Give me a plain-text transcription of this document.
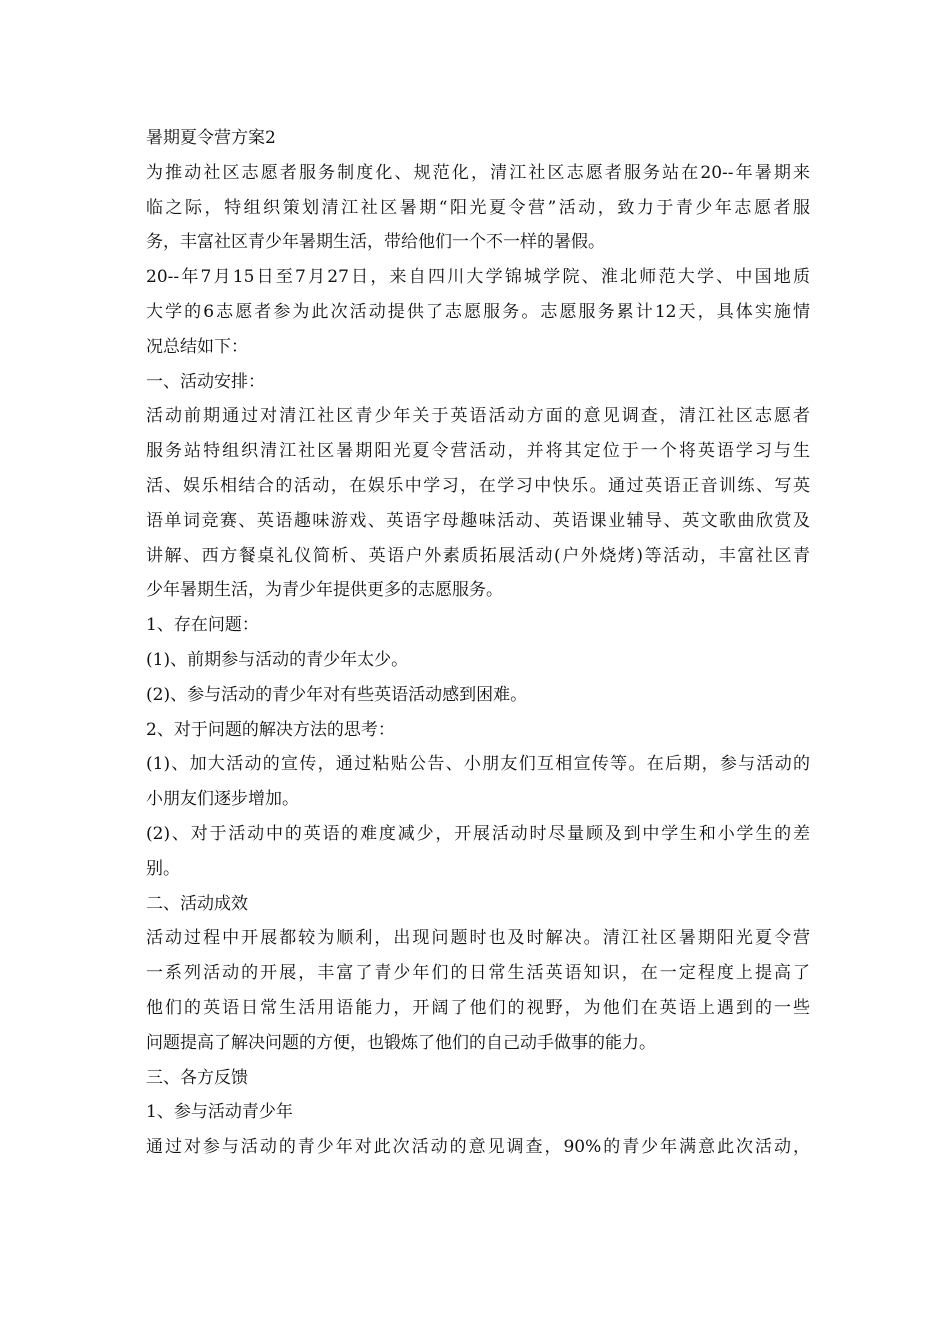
暑期夏令营方案2
为推动社区志愿者服务制度化、规范化，清江社区志愿者服务站在20--年暑期来
临之际，特组织策划清江社区暑期“阳光夏令营”活动，致力于青少年志愿者服
务，丰富社区青少年暑期生活，带给他们一个不一样的暑假。
20--年7月15日至7月27日，来自四川大学锦城学院、淮北师范大学、中国地质
大学的6志愿者参为此次活动提供了志愿服务。志愿服务累计12天，具体实施情
况总结如下：
一、活动安排：
活动前期通过对清江社区青少年关于英语活动方面的意见调查，清江社区志愿者
服务站特组织清江社区暑期阳光夏令营活动，并将其定位于一个将英语学习与生
活、娱乐相结合的活动，在娱乐中学习，在学习中快乐。通过英语正音训练、写英
语单词竞赛、英语趣味游戏、英语字母趣味活动、英语课业辅导、英文歌曲欣赏及
讲解、西方餐桌礼仪简析、英语户外素质拓展活动(户外烧烤)等活动，丰富社区青
少年暑期生活，为青少年提供更多的志愿服务。
1、存在问题：
(1)、前期参与活动的青少年太少。
(2)、参与活动的青少年对有些英语活动感到困难。
2、对于问题的解决方法的思考：
(1)、加大活动的宣传，通过粘贴公告、小朋友们互相宣传等。在后期，参与活动的
小朋友们逐步增加。
(2)、对于活动中的英语的难度减少，开展活动时尽量顾及到中学生和小学生的差
别。
二、活动成效
活动过程中开展都较为顺利，出现问题时也及时解决。清江社区暑期阳光夏令营
一系列活动的开展，丰富了青少年们的日常生活英语知识，在一定程度上提高了
他们的英语日常生活用语能力，开阔了他们的视野，为他们在英语上遇到的一些
问题提高了解决问题的方便，也锻炼了他们的自己动手做事的能力。
三、各方反馈
1、参与活动青少年
通过对参与活动的青少年对此次活动的意见调查，90%的青少年满意此次活动，
